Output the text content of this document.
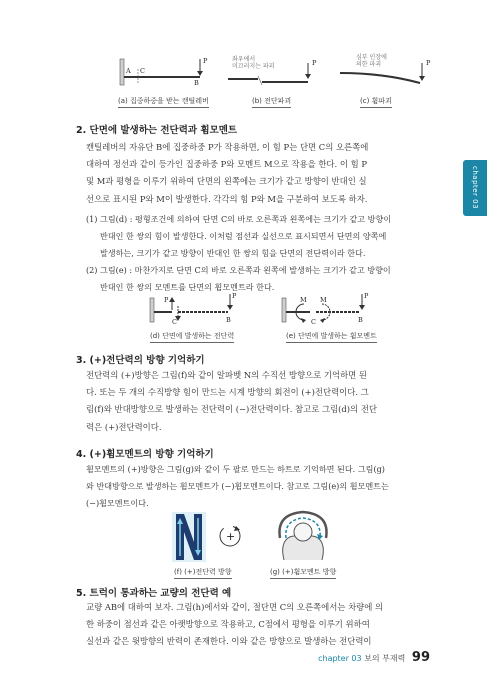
A C
B
P
(a) 집중하중을 받는 캔틸레버
좌우에서
미끄러지는 파괴	P
(b) 전단파괴
심부 인장에
의한 파괴	P
(c) 휨파괴
2. 단면에 발생하는 전단력과 휨모멘트

캔틸레버의 자유단 B에 집중하중 P가 작용하면, 이 힘 P는 단면 C의 오른쪽에

대하여 정선과 같이 등가인 집중하중 P와 모멘트 M으로 작용을 한다. 이 힘 P

및 M과 평형을 이루기 위하여 단면의 왼쪽에는 크기가 같고 방향이 반대인 실

선으로 표시된 P와 M이 발생한다. 각각의 힘 P와 M을 구분하여 보도록 하자.

(1) 그림(d) : 평형조건에 의하여 단면 C의 바로 오른쪽과 왼쪽에는 크기가 같고 방향이

반대인 한 쌍의 힘이 발생한다. 이처럼 점선과 실선으로 표시되면서 단면의 양쪽에

발생하는, 크기가 같고 방향이 반대인 한 쌍의 힘을 단면의 전단력이라 한다.

(2) 그림(e) : 마찬가지로 단면 C의 바로 오른쪽과 왼쪽에 발생하는 크기가 같고 방향이

반대인 한 쌍의 모멘트를 단면의 휨모멘트라 한다.

P	P
C	B
(d) 단면에 발생하는 전단력
M M	P
C	B
(e) 단면에 발생하는 휨모멘트
3. (+)전단력의 방향 기억하기

전단력의 (+)방향은 그림(f)와 같이 알파벳 N의 수직선 방향으로 기억하면 된

다. 또는 두 개의 수직방향 힘이 만드는 시계 방향의 회전이 (+)전단력이다. 그

림(f)와 반대방향으로 발생하는 전단력이 (−)전단력이다. 참고로 그림(d)의 전단

력은 (+)전단력이다.

4. (+)휨모멘트의 방향 기억하기

휨모멘트의 (+)방향은 그림(g)와 같이 두 팔로 만드는 하트로 기억하면 된다. 그림(g)

와 반대방향으로 발생하는 휨모멘트가 (−)휨모멘트이다. 참고로 그림(e)의 휨모멘트는

(−)휨모멘트이다.

+
(f) (+)전단력 방향	(g) (+)휨모멘트 방향
5. 트럭이 통과하는 교량의 전단력 예

교량 AB에 대하여 보자. 그림(h)에서와 같이, 절단면 C의 오른쪽에서는 차량에 의

한 하중이 점선과 같은 아랫방향으로 작용하고, C점에서 평형을 이루기 위하여

실선과 같은 윗방향의 반력이 존재한다. 이와 같은 방향으로 발생하는 전단력이

chapter 03
chapter 03 보의 부재력 99
